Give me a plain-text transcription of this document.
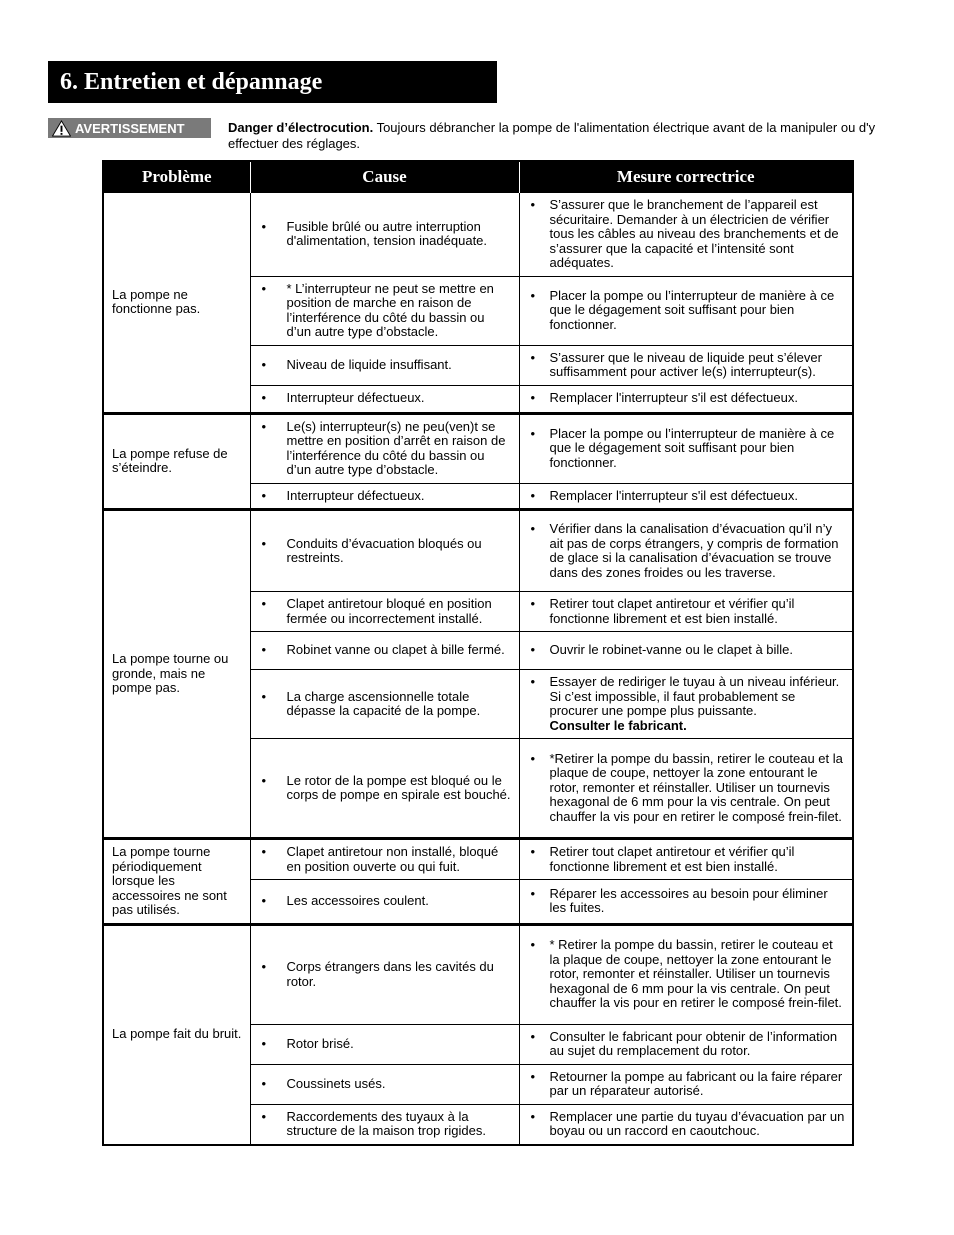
6. Entretien et dépannage
AVERTISSEMENT	Danger d’électrocution. Toujours débrancher la pompe de l'alimentation électrique avant de la manipuler ou d'y effectuer des réglages.
Problème	Cause	Mesure correctrice
La pompe ne fonctionne pas.	• Fusible brûlé ou autre interruption d'alimentation, tension inadéquate.	• S’assurer que le branchement de l’appareil est sécuritaire. Demander à un électricien de vérifier tous les câbles au niveau des branchements et de s’assurer que la capacité et l’intensité sont adéquates.

	• * L’interrupteur ne peut se mettre en position de marche en raison de l’interférence du côté du bassin ou d’un autre type d’obstacle.	• Placer la pompe ou l’interrupteur de manière à ce que le dégagement soit suffisant pour bien fonctionner.

	• Niveau de liquide insuffisant.	• S’assurer que le niveau de liquide peut s’élever suffisamment pour activer le(s) interrupteur(s).

	• Interrupteur défectueux.	• Remplacer l'interrupteur s'il est défectueux.

La pompe refuse de s’éteindre.	• Le(s) interrupteur(s) ne peu(ven)t se mettre en position d’arrêt en raison de l’interférence du côté du bassin ou d’un autre type d’obstacle.	• Placer la pompe ou l’interrupteur de manière à ce que le dégagement soit suffisant pour bien fonctionner.

	• Interrupteur défectueux.	• Remplacer l'interrupteur s'il est défectueux.

La pompe tourne ou gronde, mais ne pompe pas.	• Conduits d’évacuation bloqués ou restreints.	• Vérifier dans la canalisation d’évacuation qu’il n’y ait pas de corps étrangers, y compris de formation de glace si la canalisation d’évacuation se trouve dans des zones froides ou les traverse.

	• Clapet antiretour bloqué en position fermée ou incorrectement installé.	• Retirer tout clapet antiretour et vérifier qu’il fonctionne librement et est bien installé.

	• Robinet vanne ou clapet à bille fermé.	• Ouvrir le robinet-vanne ou le clapet à bille.

	• La charge ascensionnelle totale dépasse la capacité de la pompe.	• Essayer de rediriger le tuyau à un niveau inférieur. Si c’est impossible, il faut probablement se procurer une pompe plus puissante.
Consulter le fabricant.

	• Le rotor de la pompe est bloqué ou le corps de pompe en spirale est bouché.	• *Retirer la pompe du bassin, retirer le couteau et la plaque de coupe, nettoyer la zone entourant le rotor, remonter et réinstaller. Utiliser un tournevis hexagonal de 6 mm pour la vis centrale. On peut chauffer la vis pour en retirer le composé frein-filet.

La pompe tourne périodiquement lorsque les accessoires ne sont pas utilisés.	• Clapet antiretour non installé, bloqué en position ouverte ou qui fuit.	• Retirer tout clapet antiretour et vérifier qu’il fonctionne librement et est bien installé.

	• Les accessoires coulent.	• Réparer les accessoires au besoin pour éliminer les fuites.

La pompe fait du bruit.	• Corps étrangers dans les cavités du rotor.	• * Retirer la pompe du bassin, retirer le couteau et la plaque de coupe, nettoyer la zone entourant le rotor, remonter et réinstaller. Utiliser un tournevis hexagonal de 6 mm pour la vis centrale. On peut chauffer la vis pour en retirer le composé frein-filet.

	• Rotor brisé.	• Consulter le fabricant pour obtenir de l’information au sujet du remplacement du rotor.

	• Coussinets usés.	• Retourner la pompe au fabricant ou la faire réparer par un réparateur autorisé.

	• Raccordements des tuyaux à la structure de la maison trop rigides.	• Remplacer une partie du tuyau d’évacuation par un boyau ou un raccord en caoutchouc.
